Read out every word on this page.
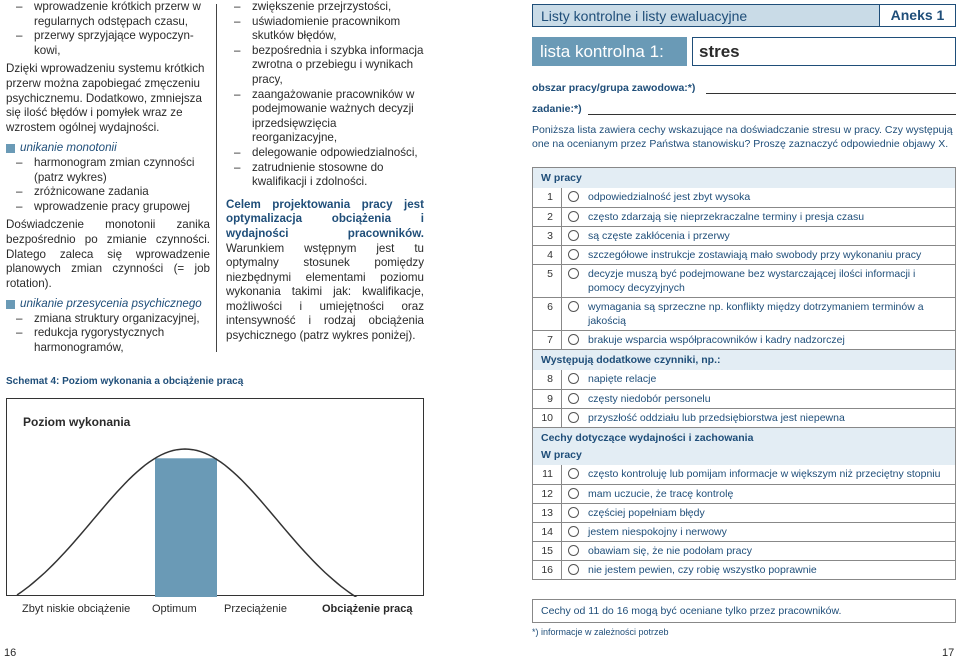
– wprowadzenie krótkich przerw w regularnych odstępach czasu,
– przerwy sprzyjające wypoczyn-kowi,
Dzięki wprowadzeniu systemu krótkich przerw można zapobiegać zmęczeniu psychicznemu. Dodatkowo, zmniejsza się ilość błędów i pomyłek wraz ze wzrostem ogólnej wydajności.
unikanie monotonii
– harmonogram zmian czynności (patrz wykres)
– zróżnicowane zadania
– wprowadzenie pracy grupowej
Doświadczenie monotonii zanika bezpośrednio po zmianie czynności. Dlatego zaleca się wprowadzenie planowych zmian czynności (= job rotation).
unikanie przesycenia psychicznego
– zmiana struktury organizacyjnej,
– redukcja rygorystycznych harmonogramów,
– zwiększenie przejrzystości,
– uświadomienie pracownikom skutków błędów,
– bezpośrednia i szybka informacja zwrotna o przebiegu i wynikach pracy,
– zaangażowanie pracowników w podejmowanie ważnych decyzji iprzedsięwzięcia reorganizacyjne,
– delegowanie odpowiedzialności,
– zatrudnienie stosowne do kwalifikacji i zdolności.
Celem projektowania pracy jest optymalizacja obciążenia i wydajności pracowników. Warunkiem wstępnym jest tu optymalny stosunek pomiędzy niezbędnymi elementami poziomu wykonania takimi jak: kwalifikacje, możliwości i umiejętności oraz intensywność i rodzaj obciążenia psychicznego (patrz wykres poniżej).
Schemat 4: Poziom wykonania a obciążenie pracą
Poziom wykonania
Zbyt niskie obciążenie Optimum Przeciążenie	Obciążenie pracą
16
Listy kontrolne i listy ewaluacyjne	Aneks 1
lista kontrolna 1:	stres
obszar pracy/grupa zawodowa:*)
zadanie:*)
Poniższa lista zawiera cechy wskazujące na doświadczanie stresu w pracy. Czy występują one na ocenianym przez Państwa stanowisku? Proszę zaznaczyć odpowiednie objawy X.
W pracy
1	odpowiedzialność jest zbyt wysoka
2	często zdarzają się nieprzekraczalne terminy i presja czasu
3	są częste zakłócenia i przerwy
4	szczegółowe instrukcje zostawiają mało swobody przy wykonaniu pracy
5	decyzje muszą być podejmowane bez wystarczającej ilości informacji i pomocy decyzyjnych
6	wymagania są sprzeczne np. konflikty między dotrzymaniem terminów a jakością
7	brakuje wsparcia współpracowników i kadry nadzorczej
Występują dodatkowe czynniki, np.:
8	napięte relacje
9	częsty niedobór personelu
10	przyszłość oddziału lub przedsiębiorstwa jest niepewna
Cechy dotyczące wydajności i zachowania
W pracy
11	często kontroluję lub pomijam informacje w większym niż przeciętny stopniu
12	mam uczucie, że tracę kontrolę
13	częściej popełniam błędy
14	jestem niespokojny i nerwowy
15	obawiam się, że nie podołam pracy
16	nie jestem pewien, czy robię wszystko poprawnie
Cechy od 11 do 16 mogą być oceniane tylko przez pracowników.
*) informacje w zależności potrzeb
17
